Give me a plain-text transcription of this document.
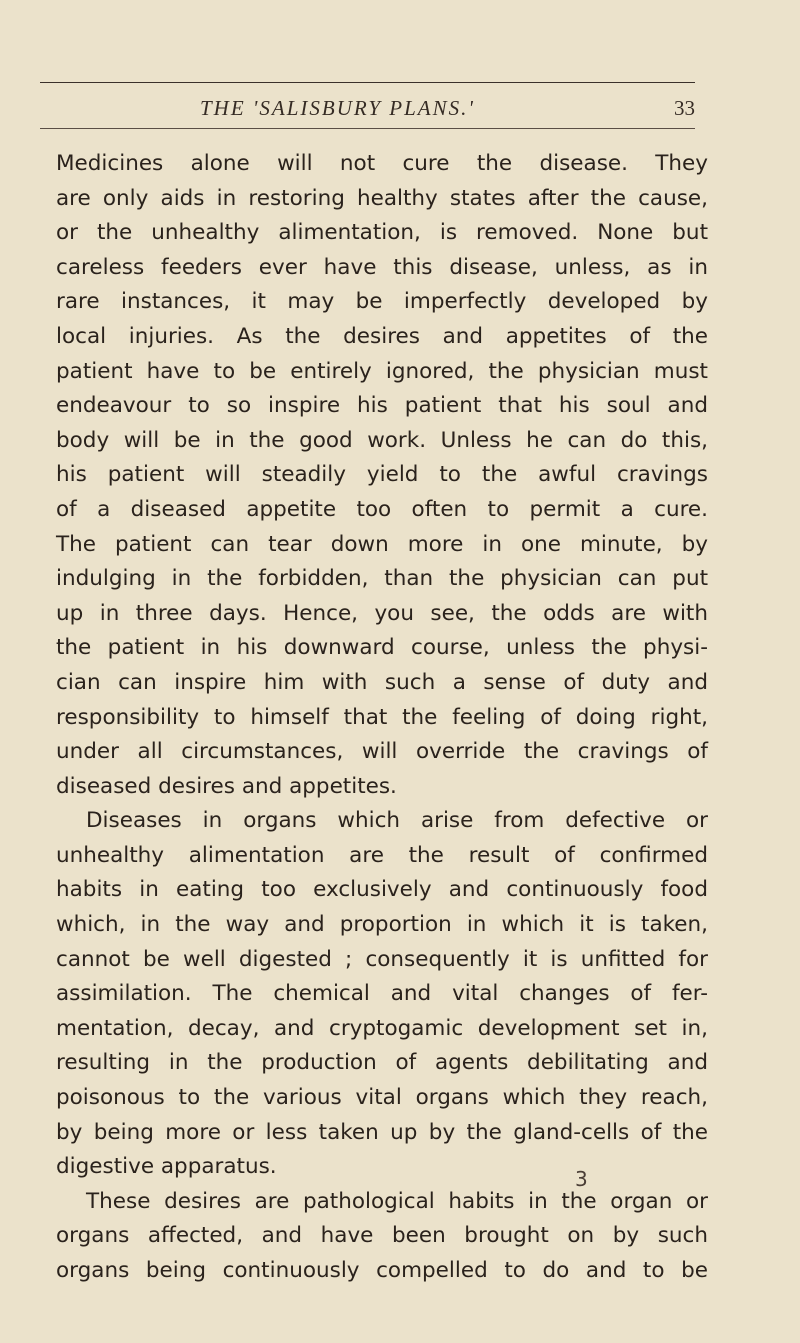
THE 'SALISBURY PLANS.'	33
Medicines alone will not cure the disease. They
are only aids in restoring healthy states after the cause,
or the unhealthy alimentation, is removed. None but
careless feeders ever have this disease, unless, as in
rare instances, it may be imperfectly developed by
local injuries. As the desires and appetites of the
patient have to be entirely ignored, the physician must
endeavour to so inspire his patient that his soul and
body will be in the good work. Unless he can do this,
his patient will steadily yield to the awful cravings
of a diseased appetite too often to permit a cure.
The patient can tear down more in one minute, by
indulging in the forbidden, than the physician can put
up in three days. Hence, you see, the odds are with
the patient in his downward course, unless the physi-
cian can inspire him with such a sense of duty and
responsibility to himself that the feeling of doing right,
under all circumstances, will override the cravings of
diseased desires and appetites.
Diseases in organs which arise from defective or
unhealthy alimentation are the result of confirmed
habits in eating too exclusively and continuously food
which, in the way and proportion in which it is taken,
cannot be well digested ; consequently it is unfitted for
assimilation. The chemical and vital changes of fer-
mentation, decay, and cryptogamic development set in,
resulting in the production of agents debilitating and
poisonous to the various vital organs which they reach,
by being more or less taken up by the gland-cells of the
digestive apparatus.
These desires are pathological habits in the organ or
organs affected, and have been brought on by such
organs being continuously compelled to do and to be
3
